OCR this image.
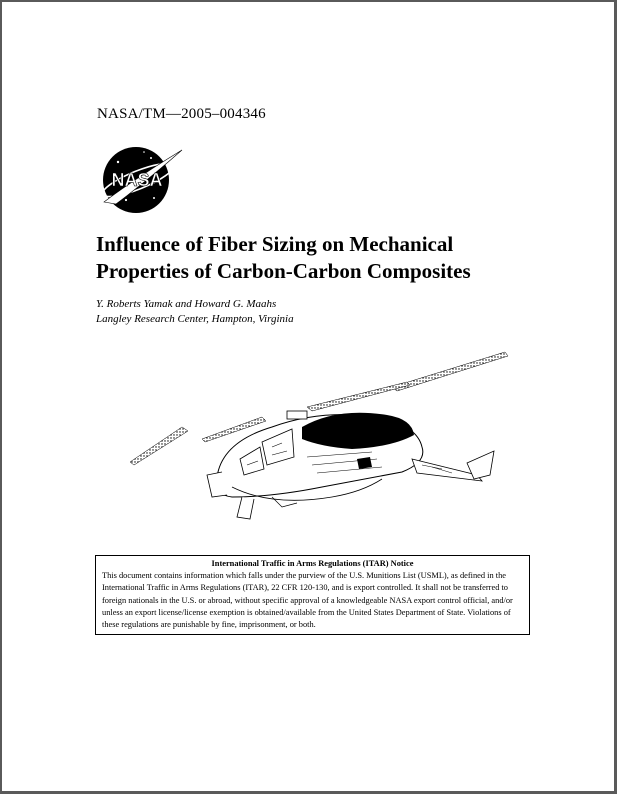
NASA/TM—2005–004346
NASA
Influence of Fiber Sizing on Mechanical
Properties of Carbon-Carbon Composites
Y. Roberts Yamak and Howard G. Maahs
Langley Research Center, Hampton, Virginia
International Traffic in Arms Regulations (ITAR) Notice
This document contains information which falls under the purview of the U.S. Munitions List (USML), as defined in the International Traffic in Arms Regulations (ITAR), 22 CFR 120-130, and is export controlled. It shall not be transferred to foreign nationals in the U.S. or abroad, without specific approval of a knowledgeable NASA export control official, and/or unless an export license/license exemption is obtained/available from the United States Department of State. Violations of these regulations are punishable by fine, imprisonment, or both.
